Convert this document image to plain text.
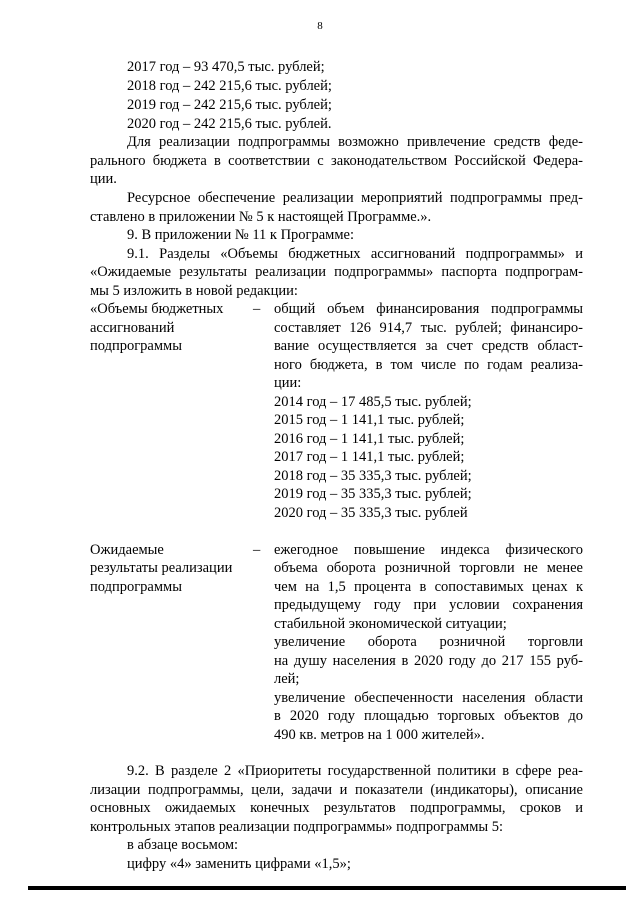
8
2017 год – 93 470,5 тыс. рублей;
2018 год – 242 215,6 тыс. рублей;
2019 год – 242 215,6 тыс. рублей;
2020 год – 242 215,6 тыс. рублей.
Для реализации подпрограммы возможно привлечение средств феде-
рального бюджета в соответствии с законодательством Российской Федера-
ции.
Ресурсное обеспечение реализации мероприятий подпрограммы пред-
ставлено в приложении № 5 к настоящей Программе.».
9. В приложении № 11 к Программе:
9.1. Разделы «Объемы бюджетных ассигнований подпрограммы» и
«Ожидаемые результаты реализации подпрограммы» паспорта подпрограм-
мы 5 изложить в новой редакции:
«Объемы бюджетных
ассигнований
подпрограммы
– общий объем финансирования подпрограммы
составляет 126 914,7 тыс. рублей; финансиро-
вание осуществляется за счет средств област-
ного бюджета, в том числе по годам реализа-
ции:
2014 год – 17 485,5 тыс. рублей;
2015 год – 1 141,1 тыс. рублей;
2016 год – 1 141,1 тыс. рублей;
2017 год – 1 141,1 тыс. рублей;
2018 год – 35 335,3 тыс. рублей;
2019 год – 35 335,3 тыс. рублей;
2020 год – 35 335,3 тыс. рублей
Ожидаемые
результаты реализации
подпрограммы
– ежегодное повышение индекса физического
объема оборота розничной торговли не менее
чем на 1,5 процента в сопоставимых ценах к
предыдущему году при условии сохранения
стабильной экономической ситуации;
увеличение оборота розничной торговли
на душу населения в 2020 году до 217 155 руб-
лей;
увеличение обеспеченности населения области
в 2020 году площадью торговых объектов до
490 кв. метров на 1 000 жителей».
9.2. В разделе 2 «Приоритеты государственной политики в сфере реа-
лизации подпрограммы, цели, задачи и показатели (индикаторы), описание
основных ожидаемых конечных результатов подпрограммы, сроков и
контрольных этапов реализации подпрограммы» подпрограммы 5:
в абзаце восьмом:
цифру «4» заменить цифрами «1,5»;
